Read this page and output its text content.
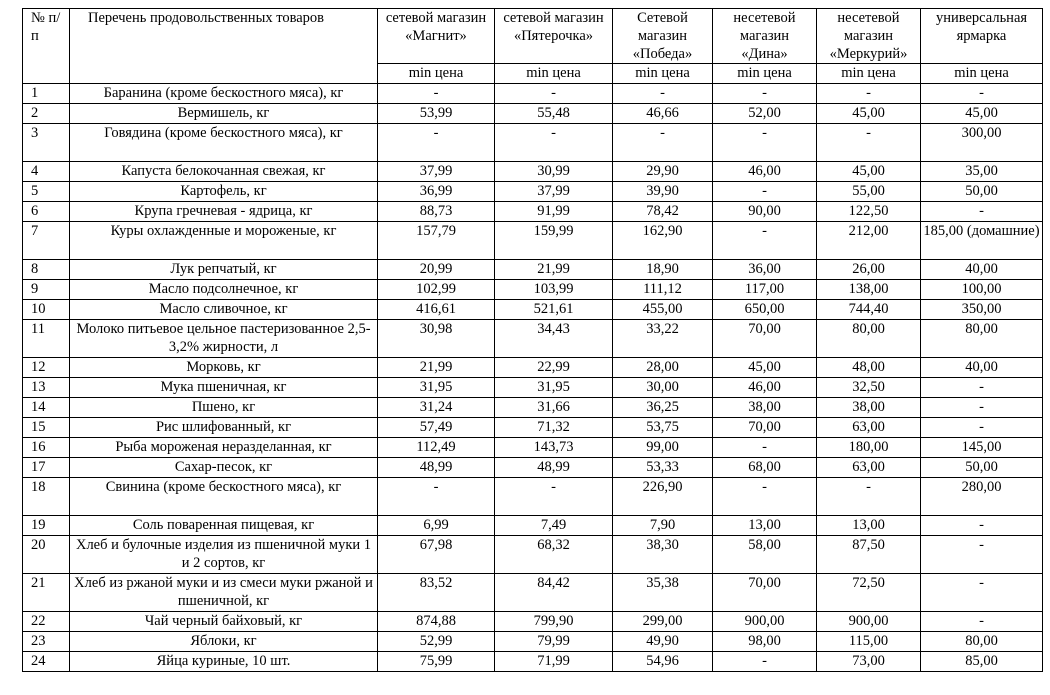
№ п/п	Перечень продовольственных товаров	сетевой магазин «Магнит»	сетевой магазин «Пятерочка»	Сетевой магазин «Победа»	несетевой магазин «Дина»	несетевой магазин «Меркурий»	универсальная ярмарка
		min цена	min цена	min цена	min цена	min цена	min цена
1	Баранина (кроме бескостного мяса), кг	-	-	-	-	-	-
2	Вермишель, кг	53,99	55,48	46,66	52,00	45,00	45,00
3	Говядина (кроме бескостного мяса), кг	-	-	-	-	-	300,00
4	Капуста белокочанная свежая, кг	37,99	30,99	29,90	46,00	45,00	35,00
5	Картофель, кг	36,99	37,99	39,90	-	55,00	50,00
6	Крупа гречневая - ядрица, кг	88,73	91,99	78,42	90,00	122,50	-
7	Куры охлажденные и мороженые, кг	157,79	159,99	162,90	-	212,00	185,00 (домашние)
8	Лук репчатый, кг	20,99	21,99	18,90	36,00	26,00	40,00
9	Масло подсолнечное, кг	102,99	103,99	111,12	117,00	138,00	100,00
10	Масло сливочное, кг	416,61	521,61	455,00	650,00	744,40	350,00
11	Молоко питьевое цельное пастеризованное 2,5-3,2% жирности, л	30,98	34,43	33,22	70,00	80,00	80,00
12	Морковь, кг	21,99	22,99	28,00	45,00	48,00	40,00
13	Мука пшеничная, кг	31,95	31,95	30,00	46,00	32,50	-
14	Пшено, кг	31,24	31,66	36,25	38,00	38,00	-
15	Рис шлифованный, кг	57,49	71,32	53,75	70,00	63,00	-
16	Рыба мороженая неразделанная, кг	112,49	143,73	99,00	-	180,00	145,00
17	Сахар-песок, кг	48,99	48,99	53,33	68,00	63,00	50,00
18	Свинина (кроме бескостного мяса), кг	-	-	226,90	-	-	280,00
19	Соль поваренная пищевая, кг	6,99	7,49	7,90	13,00	13,00	-
20	Хлеб и булочные изделия из пшеничной муки 1 и 2 сортов, кг	67,98	68,32	38,30	58,00	87,50	-
21	Хлеб из ржаной муки и из смеси муки ржаной и пшеничной, кг	83,52	84,42	35,38	70,00	72,50	-
22	Чай черный байховый, кг	874,88	799,90	299,00	900,00	900,00	-
23	Яблоки, кг	52,99	79,99	49,90	98,00	115,00	80,00
24	Яйца куриные, 10 шт.	75,99	71,99	54,96	-	73,00	85,00
